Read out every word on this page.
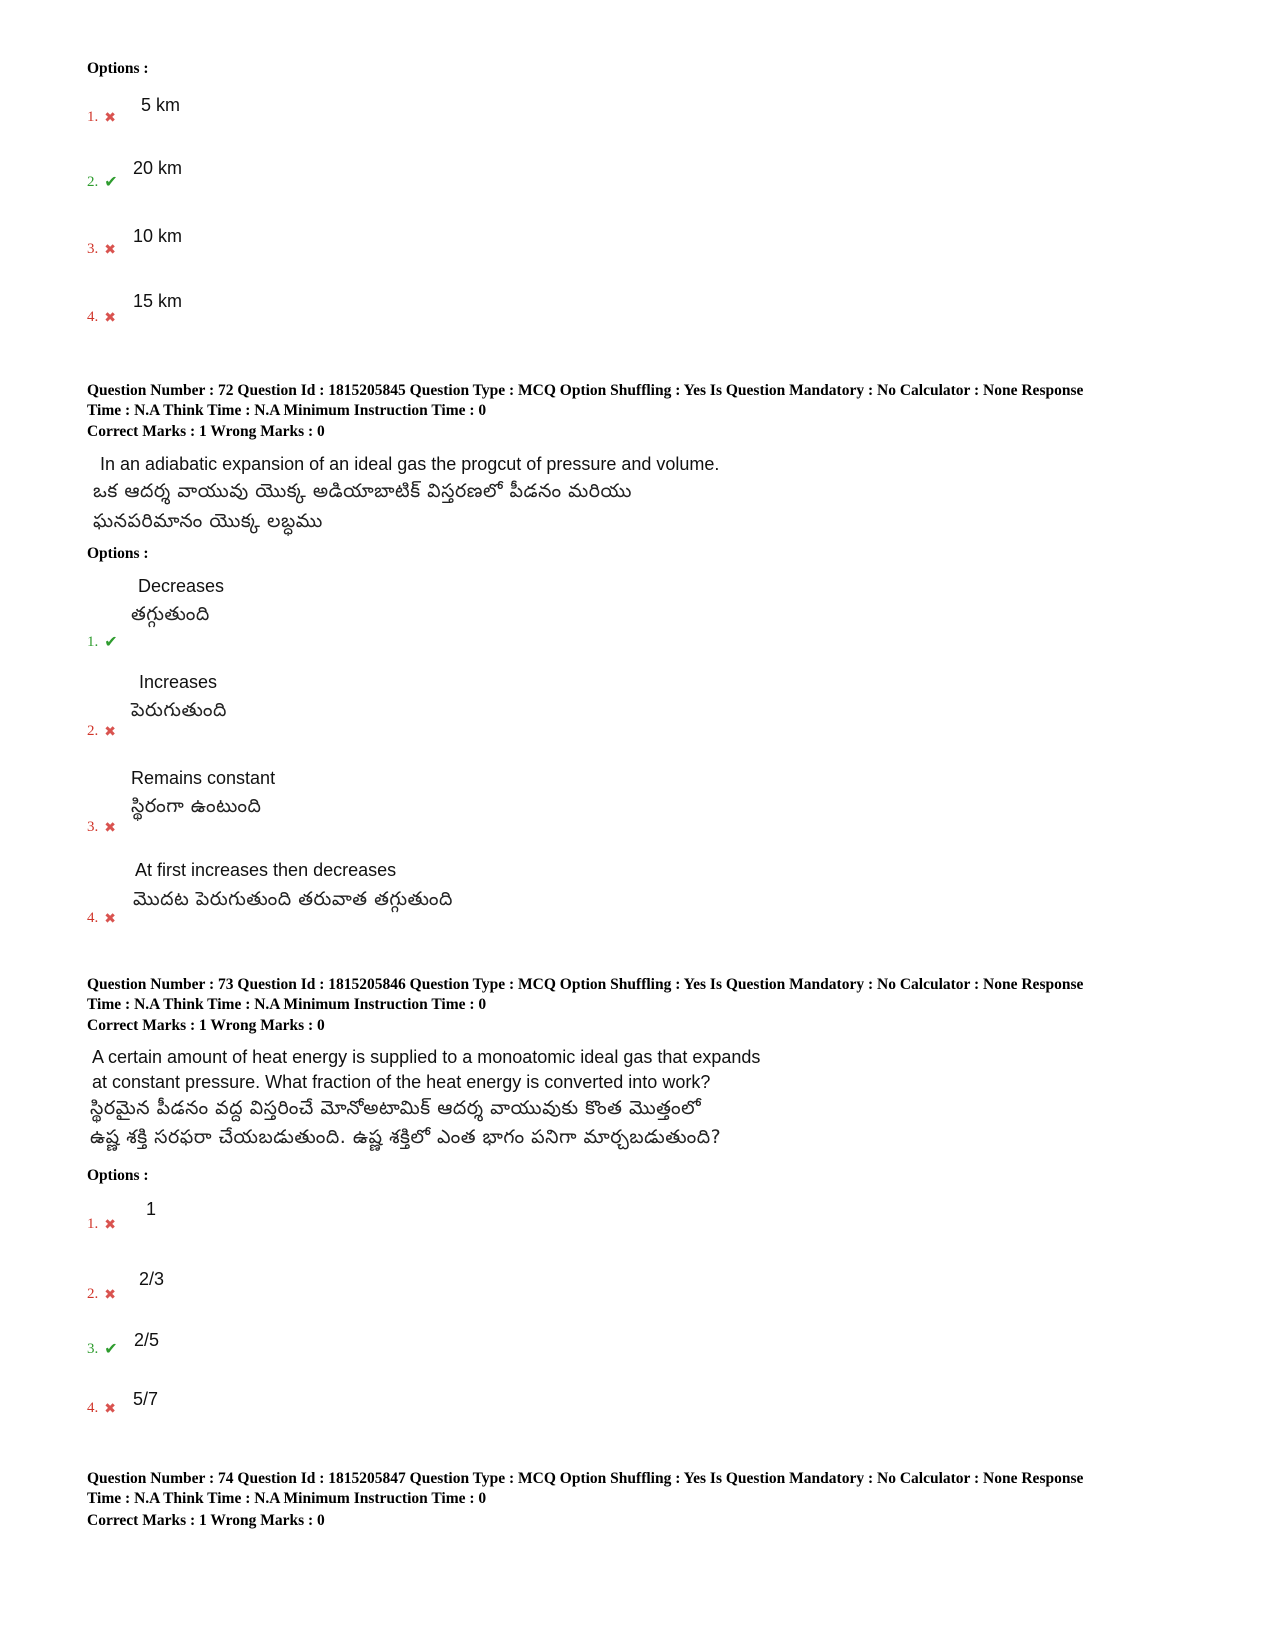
Options :
1. ✖
5 km
2. ✔
20 km
3. ✖
10 km
4. ✖
15 km
Question Number : 72 Question Id : 1815205845 Question Type : MCQ Option Shuffling : Yes Is Question Mandatory : No Calculator : None Response
Time : N.A Think Time : N.A Minimum Instruction Time : 0
Correct Marks : 1 Wrong Marks : 0
In an adiabatic expansion of an ideal gas the progcut of pressure and volume.
ఒక ఆదర్శ వాయువు యొక్క అడియాబాటిక్ విస్తరణలో పీడనం మరియు
ఘనపరిమానం యొక్క లబ్ధము
Options :
Decreases
తగ్గుతుంది
1. ✔
Increases
పెరుగుతుంది
2. ✖
Remains constant
స్థిరంగా ఉంటుంది
3. ✖
At first increases then decreases
మొదట పెరుగుతుంది తరువాత తగ్గుతుంది
4. ✖
Question Number : 73 Question Id : 1815205846 Question Type : MCQ Option Shuffling : Yes Is Question Mandatory : No Calculator : None Response
Time : N.A Think Time : N.A Minimum Instruction Time : 0
Correct Marks : 1 Wrong Marks : 0
A certain amount of heat energy is supplied to a monoatomic ideal gas that expands
at constant pressure. What fraction of the heat energy is converted into work?
స్థిరమైన పీడనం వద్ద విస్తరించే మోనోఅటామిక్ ఆదర్శ వాయువుకు కొంత మొత్తంలో
ఉష్ణ శక్తి సరఫరా చేయబడుతుంది. ఉష్ణ శక్తిలో ఎంత భాగం పనిగా మార్చబడుతుంది?
Options :
1. ✖
1
2. ✖
2/3
3. ✔ 2/5
4. ✖
5/7
Question Number : 74 Question Id : 1815205847 Question Type : MCQ Option Shuffling : Yes Is Question Mandatory : No Calculator : None Response
Time : N.A Think Time : N.A Minimum Instruction Time : 0
Correct Marks : 1 Wrong Marks : 0
